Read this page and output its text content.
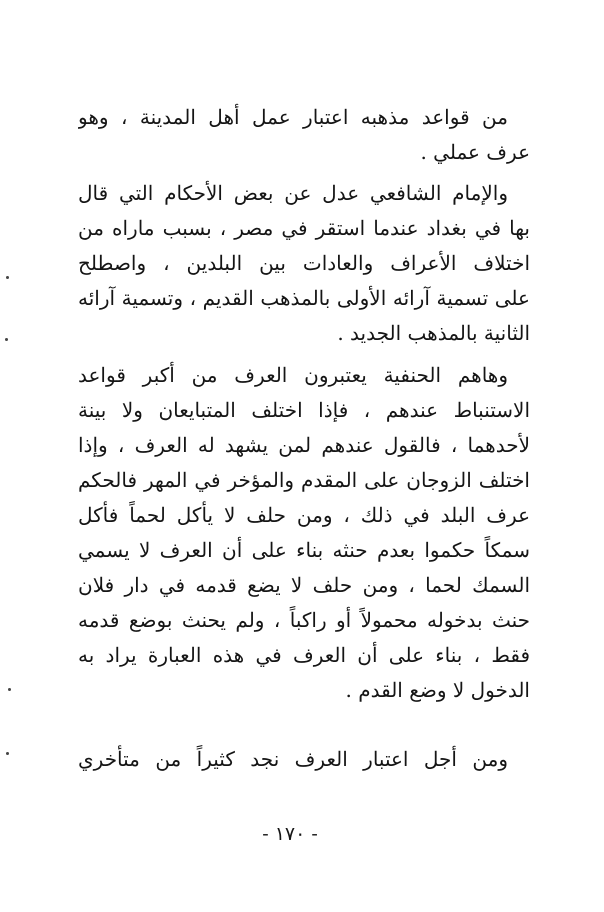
من قواعد مذهبه اعتبار عمل أهل المدينة ، وهو
عرف عملي .
والإمام الشافعي عدل عن بعض الأحكام التي قال
بها في بغداد عندما استقر في مصر ، بسبب ماراه من
اختلاف الأعراف والعادات بين البلدين ، واصطلح
على تسمية آرائه الأولى بالمذهب القديم ، وتسمية آرائه
الثانية بالمذهب الجديد .
وهاهم الحنفية يعتبرون العرف من أكبر قواعد
الاستنباط عندهم ، فإذا اختلف المتبايعان ولا بينة
لأحدهما ، فالقول عندهم لمن يشهد له العرف ، وإذا
اختلف الزوجان على المقدم والمؤخر في المهر فالحكم
عرف البلد في ذلك ، ومن حلف لا يأكل لحماً فأكل
سمكاً حكموا بعدم حنثه بناء على أن العرف لا يسمي
السمك لحما ، ومن حلف لا يضع قدمه في دار فلان
حنث بدخوله محمولاً أو راكباً ، ولم يحنث بوضع قدمه
فقط ، بناء على أن العرف في هذه العبارة يراد به
الدخول لا وضع القدم .
ومن أجل اعتبار العرف نجد كثيراً من متأخري
- ١٧٠ -
